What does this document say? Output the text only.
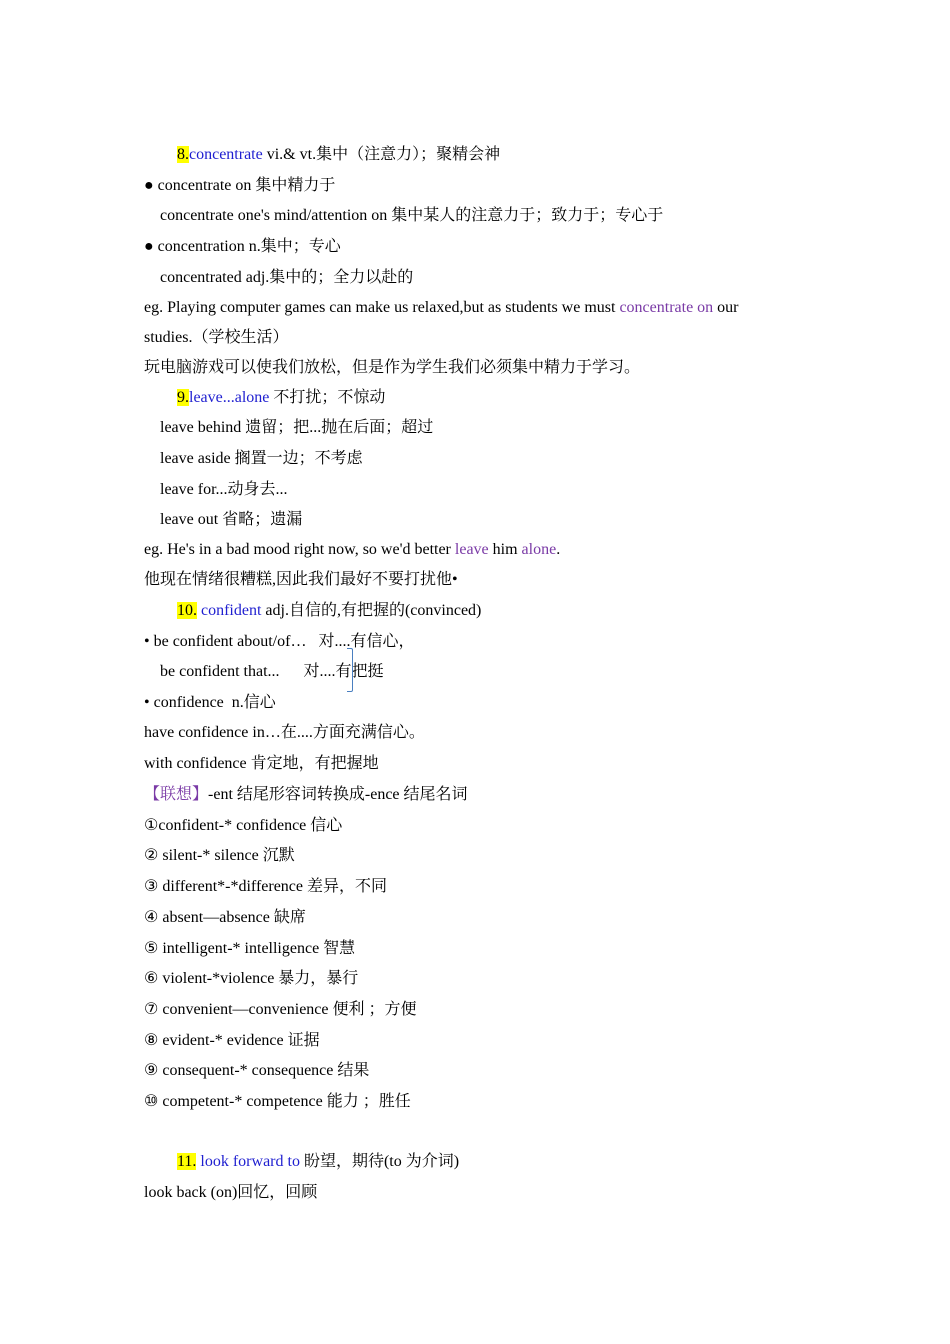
8.concentrate vi.& vt.集中（注意力）；聚精会神
● concentrate on 集中精力于
concentrate one's mind/attention on 集中某人的注意力于；致力于；专心于
● concentration n.集中；专心
concentrated adj.集中的；全力以赴的
eg. Playing computer games can make us relaxed,but as students we must concentrate on our
studies.（学校生活）
玩电脑游戏可以使我们放松，但是作为学生我们必须集中精力于学习。
9.leave...alone 不打扰；不惊动
leave behind 遗留；把...抛在后面；超过
leave aside 搁置一边；不考虑
leave for...动身去...
leave out 省略；遗漏
eg. He's in a bad mood right now, so we'd better leave him alone.
他现在情绪很糟糕,因此我们最好不要打扰他•
10. confident adj.自信的,有把握的(convinced)
• be confident about/of…   对....有信心，
be confident that...      对....有把挺
• confidence  n.信心
have confidence in…在....方面充满信心。
with confidence 肯定地，有把握地
【联想】-ent 结尾形容词转换成-ence 结尾名词
①confident-* confidence 信心
② silent-* silence 沉默
③ different*-*difference 差异，不同
④ absent—absence 缺席
⑤ intelligent-* intelligence 智慧
⑥ violent-*violence 暴力，暴行
⑦ convenient—convenience 便利 ；方便
⑧ evident-* evidence 证据
⑨ consequent-* consequence 结果
⑩ competent-* competence 能力 ；胜任
11. look forward to 盼望，期待(to 为介词)
look back (on)回忆，回顾
